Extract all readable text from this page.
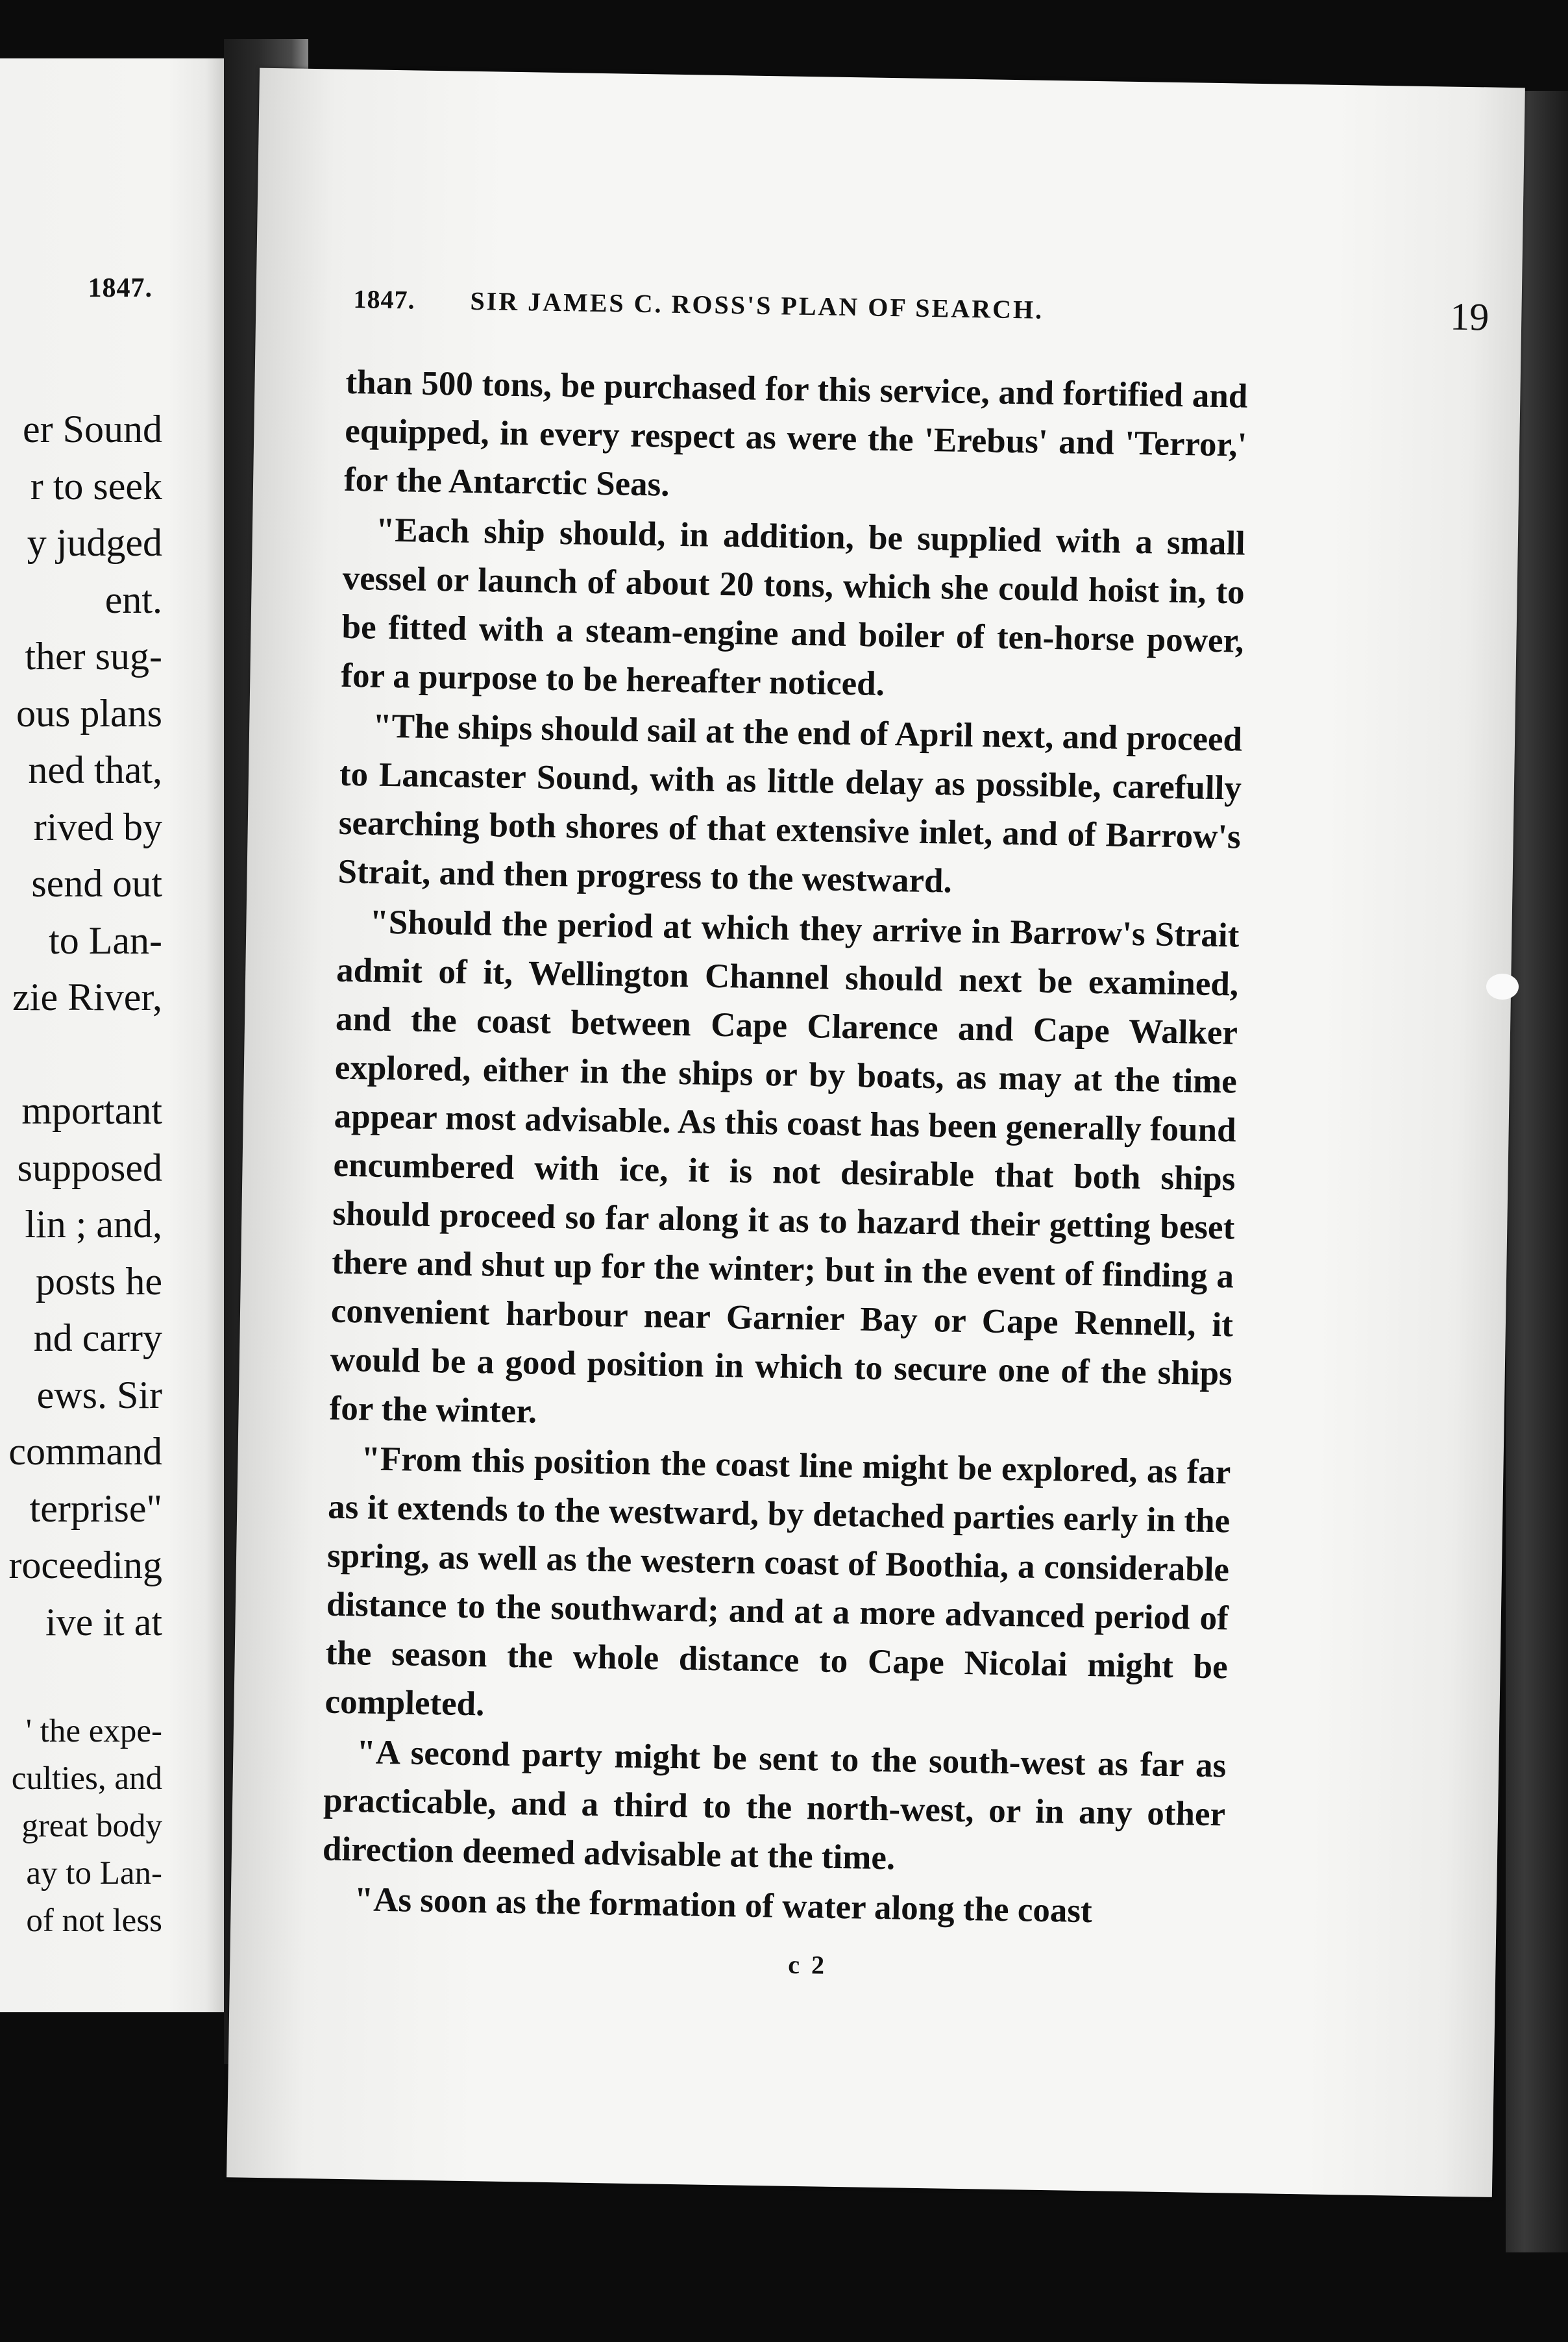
1847.
er Sound
r to seek
y judged
ent.
ther sug-
ous plans
ned that,
rived by
send out
to Lan-
zie River,
mportant
supposed
lin ; and,
posts he
nd carry
ews. Sir
command
terprise"
roceeding
ive it at
' the expe-
culties, and
great body
ay to Lan-
of not less
1847. SIR JAMES C. ROSS'S PLAN OF SEARCH.	19

than 500 tons, be purchased for this service, and fortified and equipped, in every respect as were the 'Erebus' and 'Terror,' for the Antarctic Seas.

"Each ship should, in addition, be supplied with a small vessel or launch of about 20 tons, which she could hoist in, to be fitted with a steam-engine and boiler of ten-horse power, for a purpose to be hereafter noticed.

"The ships should sail at the end of April next, and proceed to Lancaster Sound, with as little delay as possible, carefully searching both shores of that extensive inlet, and of Barrow's Strait, and then progress to the westward.

"Should the period at which they arrive in Barrow's Strait admit of it, Wellington Channel should next be examined, and the coast between Cape Clarence and Cape Walker explored, either in the ships or by boats, as may at the time appear most advisable. As this coast has been generally found encumbered with ice, it is not desirable that both ships should proceed so far along it as to hazard their getting beset there and shut up for the winter; but in the event of finding a convenient harbour near Garnier Bay or Cape Rennell, it would be a good position in which to secure one of the ships for the winter.

"From this position the coast line might be explored, as far as it extends to the westward, by detached parties early in the spring, as well as the western coast of Boothia, a considerable distance to the southward; and at a more advanced period of the season the whole distance to Cape Nicolai might be completed.

"A second party might be sent to the south-west as far as practicable, and a third to the north-west, or in any other direction deemed advisable at the time.

"As soon as the formation of water along the coast

c 2
